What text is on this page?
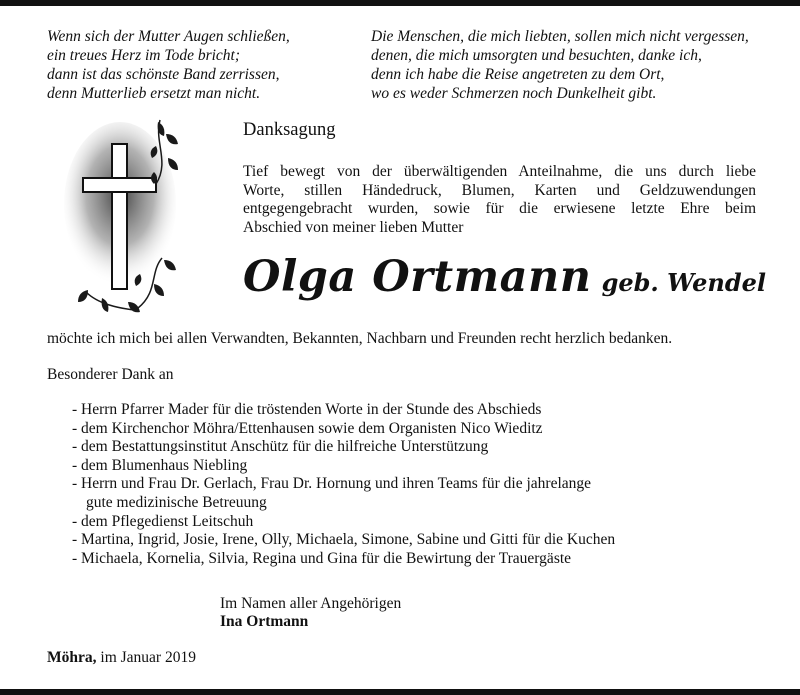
Wenn sich der Mutter Augen schließen,
ein treues Herz im Tode bricht;
dann ist das schönste Band zerrissen,
denn Mutterlieb ersetzt man nicht.
Die Menschen, die mich liebten, sollen mich nicht vergessen,
denen, die mich umsorgten und besuchten, danke ich,
denn ich habe die Reise angetreten zu dem Ort,
wo es weder Schmerzen noch Dunkelheit gibt.
Danksagung
Tief bewegt von der überwältigenden Anteilnahme, die uns durch liebe
Worte, stillen Händedruck, Blumen, Karten und Geldzuwendungen
entgegengebracht wurden, sowie für die erwiesene letzte Ehre beim
Abschied von meiner lieben Mutter
Olga Ortmann geb. Wendel
möchte ich mich bei allen Verwandten, Bekannten, Nachbarn und Freunden recht herzlich bedanken.
Besonderer Dank an
- Herrn Pfarrer Mader für die tröstenden Worte in der Stunde des Abschieds
- dem Kirchenchor Möhra/Ettenhausen sowie dem Organisten Nico Wieditz
- dem Bestattungsinstitut Anschütz für die hilfreiche Unterstützung
- dem Blumenhaus Niebling
- Herrn und Frau Dr. Gerlach, Frau Dr. Hornung und ihren Teams für die jahrelange
gute medizinische Betreuung
- dem Pflegedienst Leitschuh
- Martina, Ingrid, Josie, Irene, Olly, Michaela, Simone, Sabine und Gitti für die Kuchen
- Michaela, Kornelia, Silvia, Regina und Gina für die Bewirtung der Trauergäste
Im Namen aller Angehörigen
Ina Ortmann
Möhra, im Januar 2019
